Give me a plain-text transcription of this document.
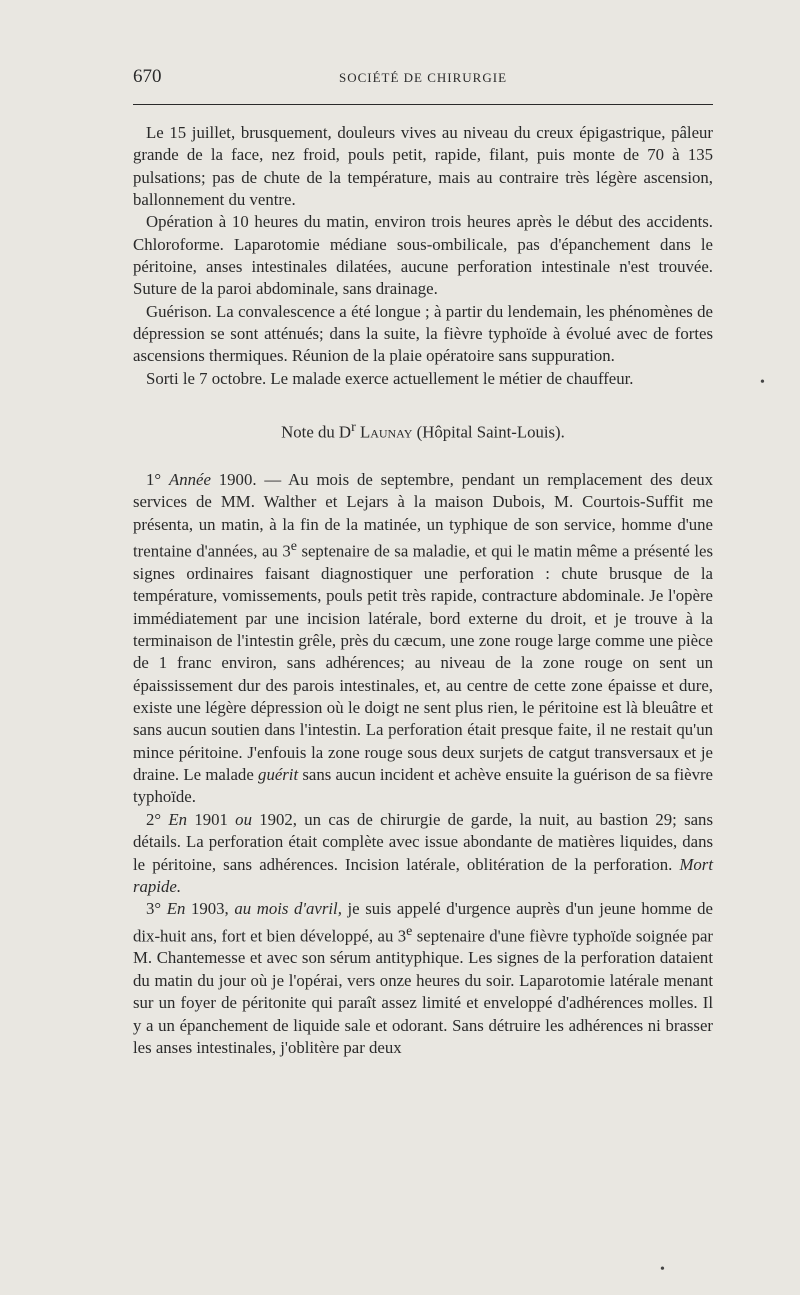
670	SOCIÉTÉ DE CHIRURGIE

Le 15 juillet, brusquement, douleurs vives au niveau du creux épigastrique, pâleur grande de la face, nez froid, pouls petit, rapide, filant, puis monte de 70 à 135 pulsations; pas de chute de la température, mais au contraire très légère ascension, ballonnement du ventre.

Opération à 10 heures du matin, environ trois heures après le début des accidents. Chloroforme. Laparotomie médiane sous-ombilicale, pas d'épanchement dans le péritoine, anses intestinales dilatées, aucune perforation intestinale n'est trouvée. Suture de la paroi abdominale, sans drainage.

Guérison. La convalescence a été longue ; à partir du lendemain, les phénomènes de dépression se sont atténués; dans la suite, la fièvre typhoïde à évolué avec de fortes ascensions thermiques. Réunion de la plaie opératoire sans suppuration.

Sorti le 7 octobre. Le malade exerce actuellement le métier de chauffeur.

Note du $D^r$ Launay (Hôpital Saint-Louis).

1° Année 1900. — Au mois de septembre, pendant un remplacement des deux services de MM. Walther et Lejars à la maison Dubois, M. Courtois-Suffit me présenta, un matin, à la fin de la matinée, un typhique de son service, homme d'une trentaine d'années, au 3e septenaire de sa maladie, et qui le matin même a présenté les signes ordinaires faisant diagnostiquer une perforation : chute brusque de la température, vomissements, pouls petit très rapide, contracture abdominale. Je l'opère immédiatement par une incision latérale, bord externe du droit, et je trouve à la terminaison de l'intestin grêle, près du cæcum, une zone rouge large comme une pièce de 1 franc environ, sans adhérences; au niveau de la zone rouge on sent un épaississement dur des parois intestinales, et, au centre de cette zone épaisse et dure, existe une légère dépression où le doigt ne sent plus rien, le péritoine est là bleuâtre et sans aucun soutien dans l'intestin. La perforation était presque faite, il ne restait qu'un mince péritoine. J'enfouis la zone rouge sous deux surjets de catgut transversaux et je draine. Le malade guérit sans aucun incident et achève ensuite la guérison de sa fièvre typhoïde.

2° En 1901 ou 1902, un cas de chirurgie de garde, la nuit, au bastion 29; sans détails. La perforation était complète avec issue abondante de matières liquides, dans le péritoine, sans adhérences. Incision latérale, oblitération de la perforation. Mort rapide.

3° En 1903, au mois d'avril, je suis appelé d'urgence auprès d'un jeune homme de dix-huit ans, fort et bien développé, au 3e septenaire d'une fièvre typhoïde soignée par M. Chantemesse et avec son sérum antityphique. Les signes de la perforation dataient du matin du jour où je l'opérai, vers onze heures du soir. Laparotomie latérale menant sur un foyer de péritonite qui paraît assez limité et enveloppé d'adhérences molles. Il y a un épanchement de liquide sale et odorant. Sans détruire les adhérences ni brasser les anses intestinales, j'oblitère par deux

•
•
